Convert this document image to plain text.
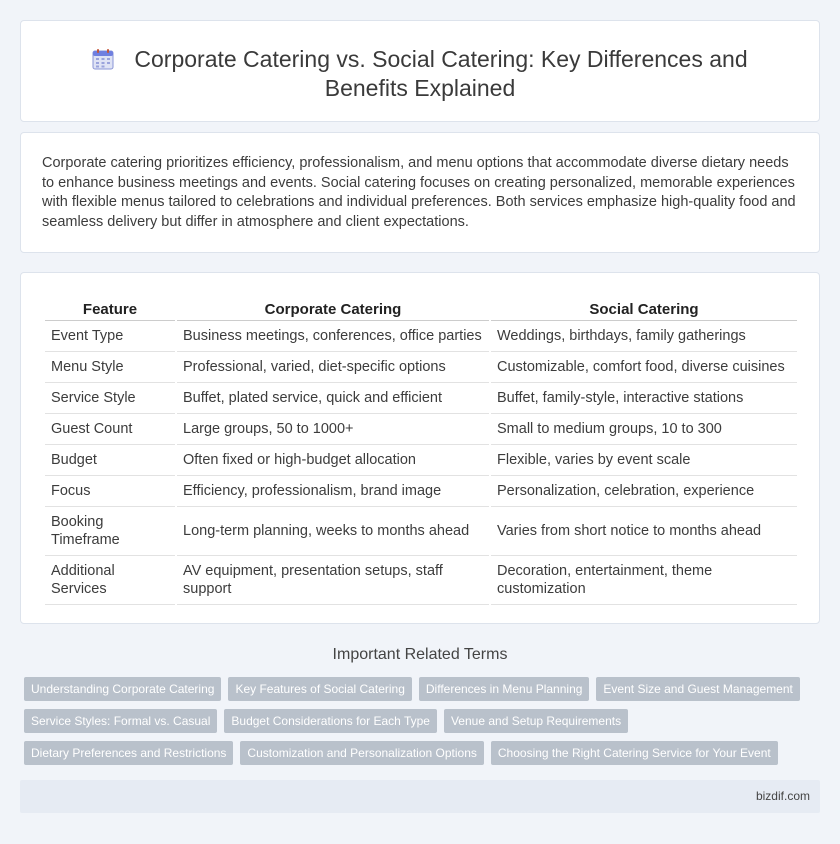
Corporate Catering vs. Social Catering: Key Differences and Benefits Explained

Corporate catering prioritizes efficiency, professionalism, and menu options that accommodate diverse dietary needs to enhance business meetings and events. Social catering focuses on creating personalized, memorable experiences with flexible menus tailored to celebrations and individual preferences. Both services emphasize high-quality food and seamless delivery but differ in atmosphere and client expectations.

Feature	Corporate Catering	Social Catering
Event Type	Business meetings, conferences, office parties	Weddings, birthdays, family gatherings
Menu Style	Professional, varied, diet-specific options	Customizable, comfort food, diverse cuisines
Service Style	Buffet, plated service, quick and efficient	Buffet, family-style, interactive stations
Guest Count	Large groups, 50 to 1000+	Small to medium groups, 10 to 300
Budget	Often fixed or high-budget allocation	Flexible, varies by event scale
Focus	Efficiency, professionalism, brand image	Personalization, celebration, experience
Booking Timeframe	Long-term planning, weeks to months ahead	Varies from short notice to months ahead
Additional Services	AV equipment, presentation setups, staff support	Decoration, entertainment, theme customization
Important Related Terms
Understanding Corporate Catering	Key Features of Social Catering	Differences in Menu Planning	Event Size and Guest Management
Service Styles: Formal vs. Casual	Budget Considerations for Each Type	Venue and Setup Requirements
Dietary Preferences and Restrictions	Customization and Personalization Options	Choosing the Right Catering Service for Your Event
bizdif.com
